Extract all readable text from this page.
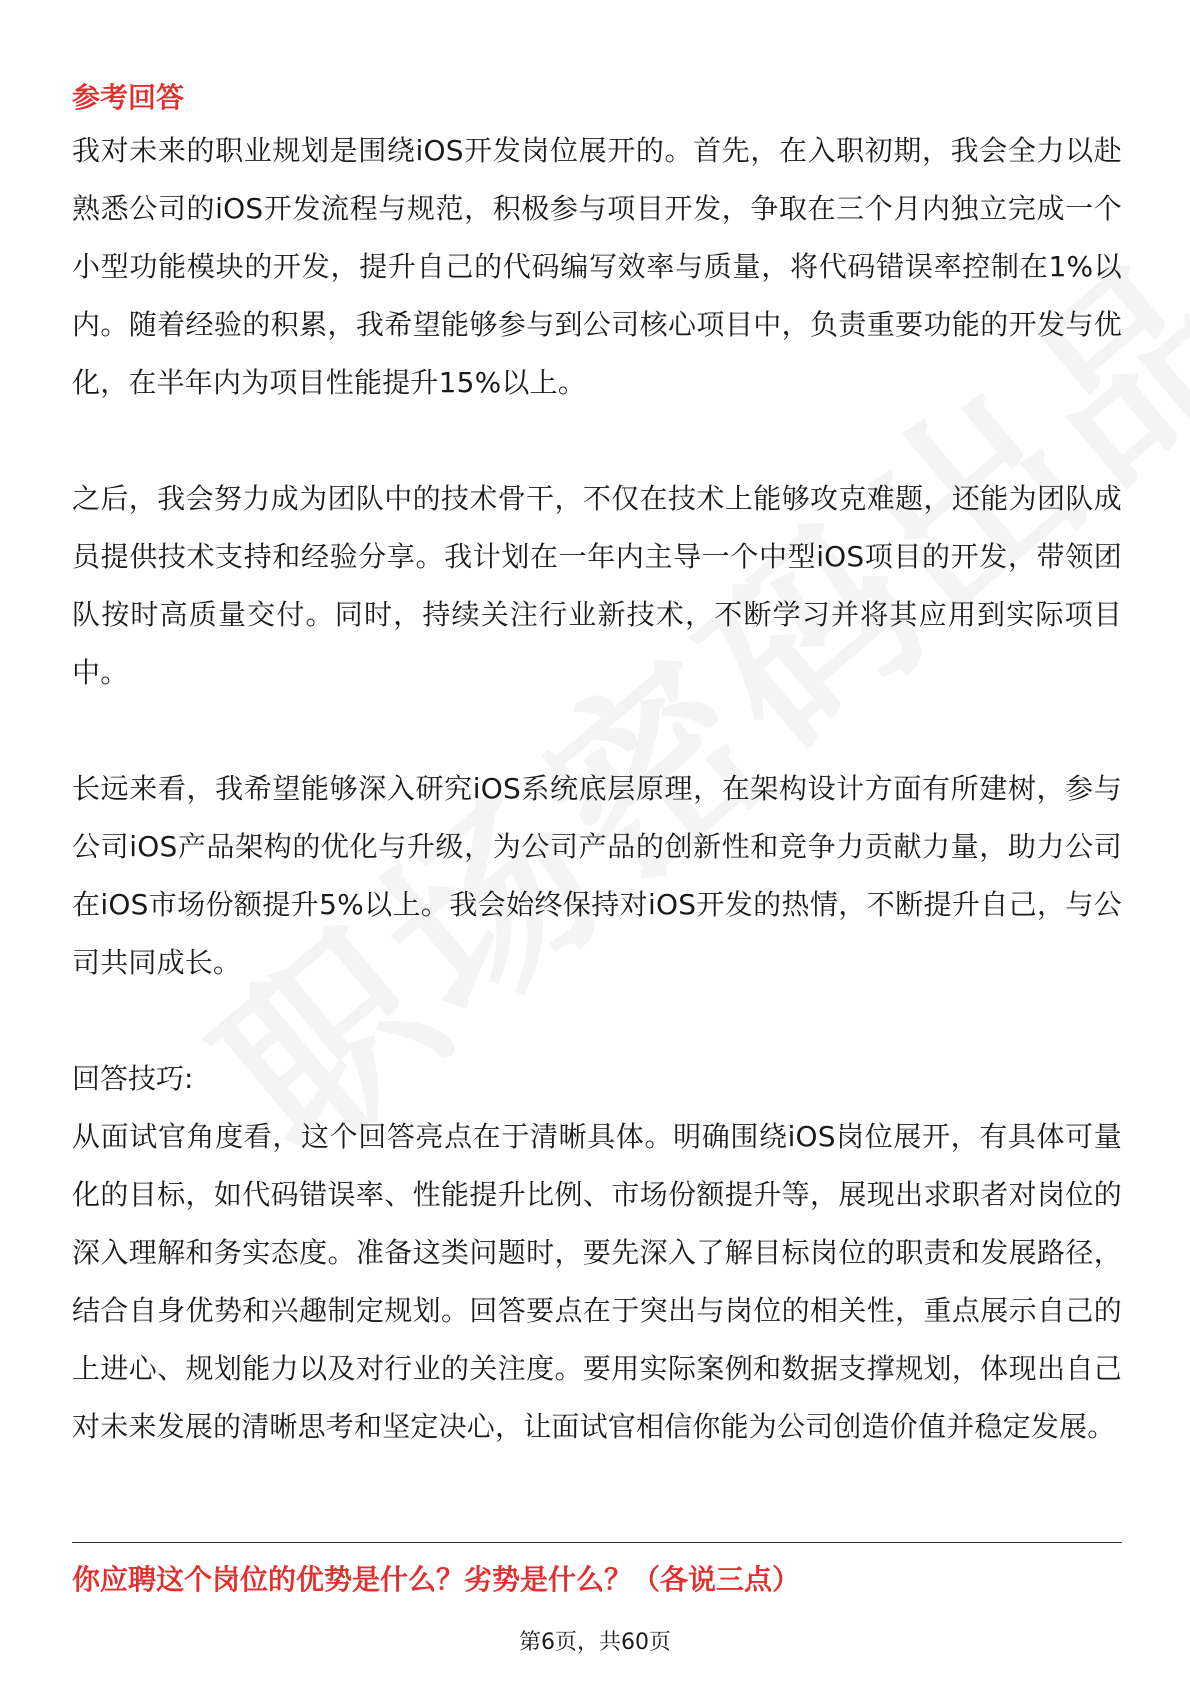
参考回答

我对未来的职业规划是围绕iOS开发岗位展开的。首先，在入职初期，我会全力以赴熟悉公司的iOS开发流程与规范，积极参与项目开发，争取在三个月内独立完成一个小型功能模块的开发，提升自己的代码编写效率与质量，将代码错误率控制在1%以内。随着经验的积累，我希望能够参与到公司核心项目中，负责重要功能的开发与优化，在半年内为项目性能提升15%以上。

之后，我会努力成为团队中的技术骨干，不仅在技术上能够攻克难题，还能为团队成员提供技术支持和经验分享。我计划在一年内主导一个中型iOS项目的开发，带领团队按时高质量交付。同时，持续关注行业新技术，不断学习并将其应用到实际项目中。

长远来看，我希望能够深入研究iOS系统底层原理，在架构设计方面有所建树，参与公司iOS产品架构的优化与升级，为公司产品的创新性和竞争力贡献力量，助力公司在iOS市场份额提升5%以上。我会始终保持对iOS开发的热情，不断提升自己，与公司共同成长。

回答技巧:

从面试官角度看，这个回答亮点在于清晰具体。明确围绕iOS岗位展开，有具体可量化的目标，如代码错误率、性能提升比例、市场份额提升等，展现出求职者对岗位的深入理解和务实态度。准备这类问题时，要先深入了解目标岗位的职责和发展路径，结合自身优势和兴趣制定规划。回答要点在于突出与岗位的相关性，重点展示自己的上进心、规划能力以及对行业的关注度。要用实际案例和数据支撑规划，体现出自己对未来发展的清晰思考和坚定决心，让面试官相信你能为公司创造价值并稳定发展。

你应聘这个岗位的优势是什么？劣势是什么？（各说三点）
第6页，共60页
